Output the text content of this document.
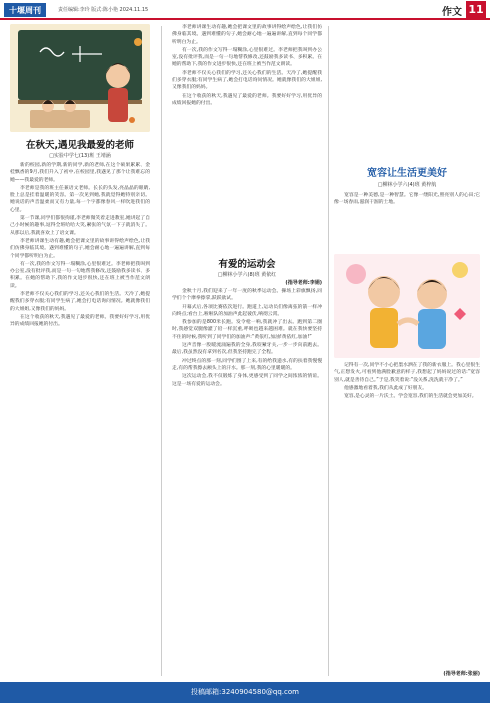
十堰周刊	责任编辑:李玲 版式:陈小艳 2024.11.15	作文 11
在秋天,遇见我最爱的老师
□实验中学七(13)班 王靖涵

新的校园,新的学期,新的同学,新的老师,在这个硕果累累、金桂飘香的9月,我们升入了初中,在校园里,我遇见了那个让我难忘的她——我最爱的老师。

李老师是我的班主任兼语文老师。长长的头发,亮晶晶的眼睛,脸上总是挂着温暖的笑容。第一次见到她,我就觉得她特别亲切。她说话的声音温柔而又有力量,每一个字都像春风一样吹进我们的心里。

第一节课,同学们都很拘谨,李老师微笑着走进教室,她讲起了自己小时候的趣事,逗得全班哈哈大笑,紧张的气氛一下子就消失了。从那以后,我就喜欢上了语文课。

李老师讲课生动有趣,她会把课文里的故事讲得绘声绘色,让我们仿佛身临其境。遇到难懂的句子,她会耐心地一遍遍讲解,直到每个同学都听明白为止。

有一次,我的作文写得一塌糊涂,心里很难过。李老师把我叫到办公室,没有批评我,而是一句一句地帮我修改,还鼓励我多读书、多积累。在她的帮助下,我的作文进步很快,还在班上被当作范文朗读。

李老师不仅关心我们的学习,还关心我们的生活。天冷了,她提醒我们多穿衣服;有同学生病了,她会打电话询问情况。她就像我们的大姐姐,又像我们的妈妈。

在这个收获的秋天,我遇见了最爱的老师。我要好好学习,用优异的成绩回报她的付出。

李老师讲课生动有趣,她会把课文里的故事讲得绘声绘色,让我们仿佛身临其境。遇到难懂的句子,她会耐心地一遍遍讲解,直到每个同学都听明白为止。

有一次,我的作文写得一塌糊涂,心里很难过。李老师把我叫到办公室,没有批评我,而是一句一句地帮我修改,还鼓励我多读书、多积累。在她的帮助下,我的作文进步很快,还在班上被当作范文朗读。

李老师不仅关心我们的学习,还关心我们的生活。天冷了,她提醒我们多穿衣服;有同学生病了,她会打电话询问情况。她就像我们的大姐姐,又像我们的妈妈。

在这个收获的秋天,我遇见了最爱的老师。我要好好学习,用优异的成绩回报她的付出。

(指导老师:李娟)
有爱的运动会
□柳林小学六(8)班 黄依红

金秋十月,我们迎来了一年一度的秋季运动会。操场上彩旗飘扬,同学们个个摩拳擦掌,跃跃欲试。

开幕式后,各项比赛依次进行。跑道上,运动员们像离弦的箭一样冲向终点;看台上,啦啦队的加油声此起彼伏,响彻云霄。

我参加的是800米长跑。发令枪一响,我就冲了出去。跑到第二圈时,我感觉双腿像灌了铅一样沉重,呼吸也越来越困难。就在我快要坚持不住的时候,我听到了同学们的加油声:“黄依红,加油!黄依红,加油!”

这声音像一股暖流涌遍我的全身,我咬紧牙关,一步一步向前跑去。最后,我虽然没有拿到名次,但我坚持跑完了全程。

冲过终点的那一刻,同学们围了上来,有的给我递水,有的扶着我慢慢走,有的帮我擦去额头上的汗水。那一刻,我的心里暖暖的。

这次运动会,我不仅锻炼了身体,更感受到了同学之间浓浓的情谊。这是一场有爱的运动会。

宽容让生活更美好
□柳林小学六(4)班 黄梓航

宽容是一种美德,是一种智慧。它像一缕阳光,照亮别人的心田;它像一场春雨,滋润干涸的土地。

记得有一次,同学不小心把墨水洒在了我的新衣服上。我心里很生气,正想发火,可看到他满脸歉意的样子,我想起了妈妈说过的话:“宽容别人,就是善待自己。”于是,我笑着说:“没关系,洗洗就干净了。”

他感激地看着我,我们从此成了好朋友。

宽容,是心灵的一片沃土。学会宽容,我们的生活就会更加美好。

(指导老师:张丽)
投稿邮箱:3240904580@qq.com
